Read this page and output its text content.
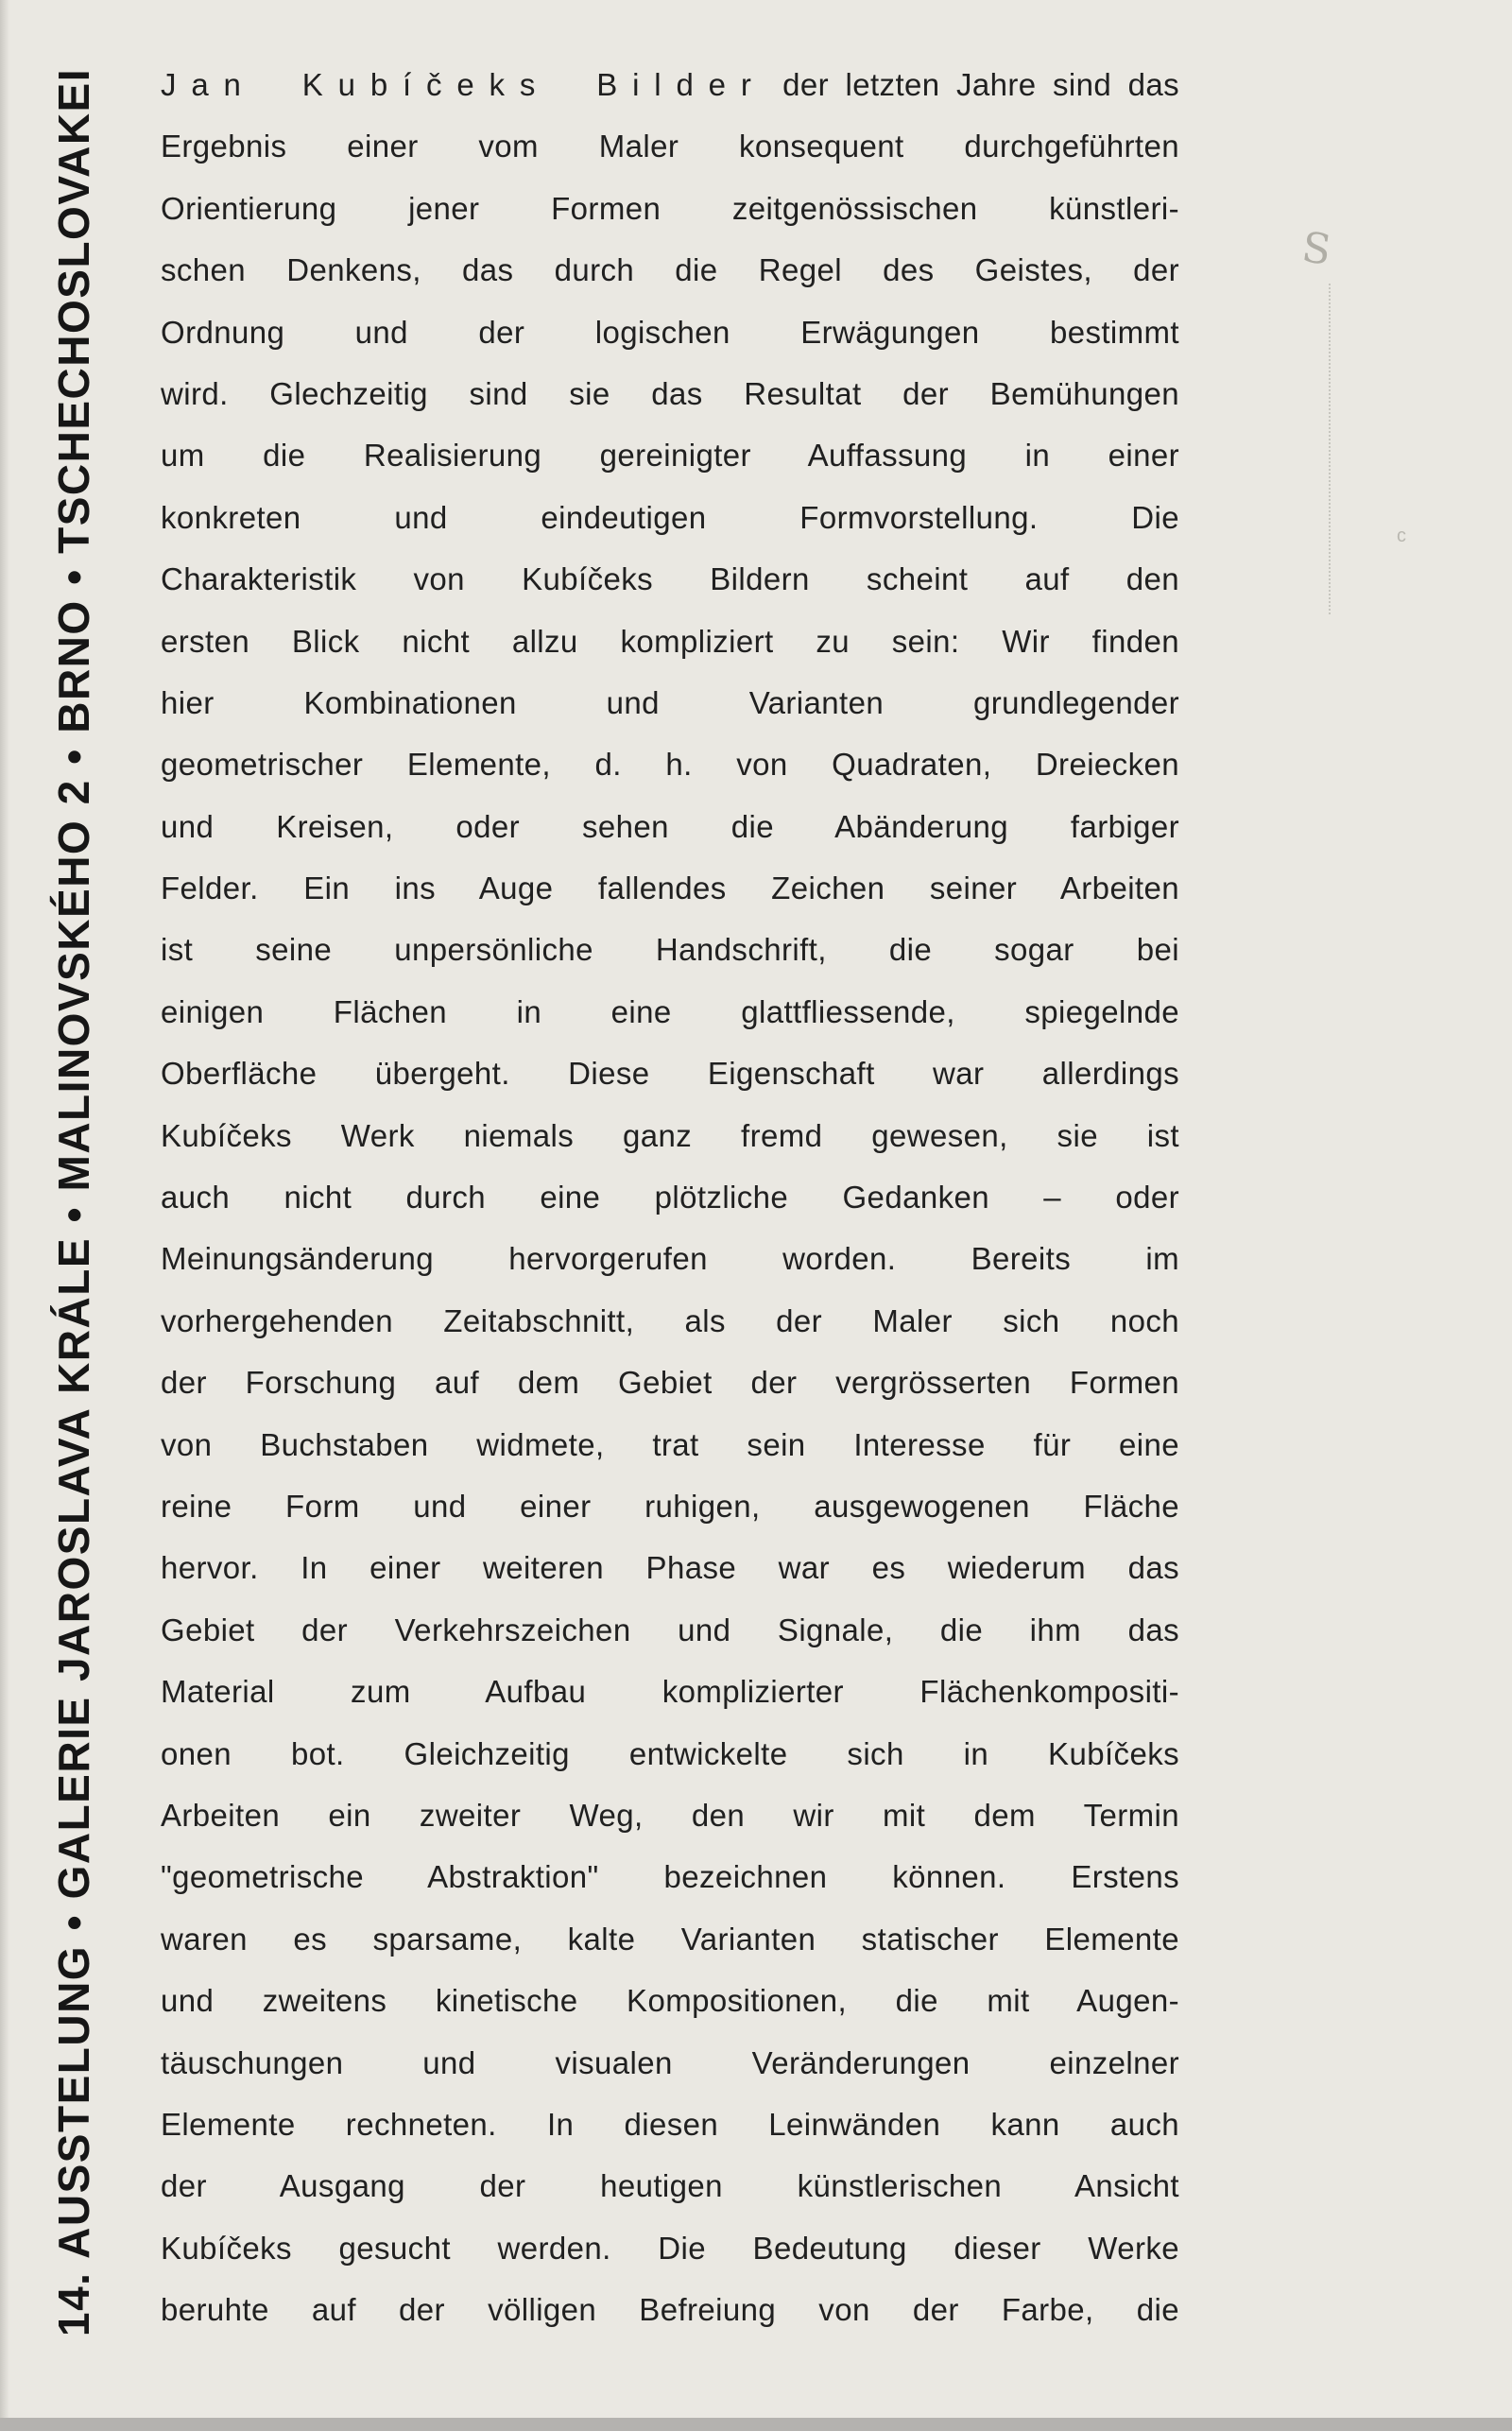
14. AUSSTELUNG • GALERIE JAROSLAVA KRÁLE • MALINOVSKÉHO 2 • BRNO • TSCHECHOSLOVAKEI Jan Kubíčeks Bilder der letzten Jahre sind das

Ergebnis einer vom Maler konsequent durchgeführten

Orientierung jener Formen zeitgenössischen künstleri-

schen Denkens, das durch die Regel des Geistes, der

Ordnung und der logischen Erwägungen bestimmt

wird. Glechzeitig sind sie das Resultat der Bemühungen

um die Realisierung gereinigter Auffassung in einer

konkreten und eindeutigen Formvorstellung. Die

Charakteristik von Kubíčeks Bildern scheint auf den

ersten Blick nicht allzu kompliziert zu sein: Wir finden

hier Kombinationen und Varianten grundlegender

geometrischer Elemente, d. h. von Quadraten, Dreiecken

und Kreisen, oder sehen die Abänderung farbiger

Felder. Ein ins Auge fallendes Zeichen seiner Arbeiten

ist seine unpersönliche Handschrift, die sogar bei

einigen Flächen in eine glattfliessende, spiegelnde

Oberfläche übergeht. Diese Eigenschaft war allerdings

Kubíčeks Werk niemals ganz fremd gewesen, sie ist

auch nicht durch eine plötzliche Gedanken – oder

Meinungsänderung hervorgerufen worden. Bereits im

vorhergehenden Zeitabschnitt, als der Maler sich noch

der Forschung auf dem Gebiet der vergrösserten Formen

von Buchstaben widmete, trat sein Interesse für eine

reine Form und einer ruhigen, ausgewogenen Fläche

hervor. In einer weiteren Phase war es wiederum das

Gebiet der Verkehrszeichen und Signale, die ihm das

Material zum Aufbau komplizierter Flächenkompositi-

onen bot. Gleichzeitig entwickelte sich in Kubíčeks

Arbeiten ein zweiter Weg, den wir mit dem Termin

"geometrische Abstraktion" bezeichnen können. Erstens

waren es sparsame, kalte Varianten statischer Elemente

und zweitens kinetische Kompositionen, die mit Augen-

täuschungen und visualen Veränderungen einzelner

Elemente rechneten. In diesen Leinwänden kann auch

der Ausgang der heutigen künstlerischen Ansicht

Kubíčeks gesucht werden. Die Bedeutung dieser Werke

beruhte auf der völligen Befreiung von der Farbe, die

S
c
